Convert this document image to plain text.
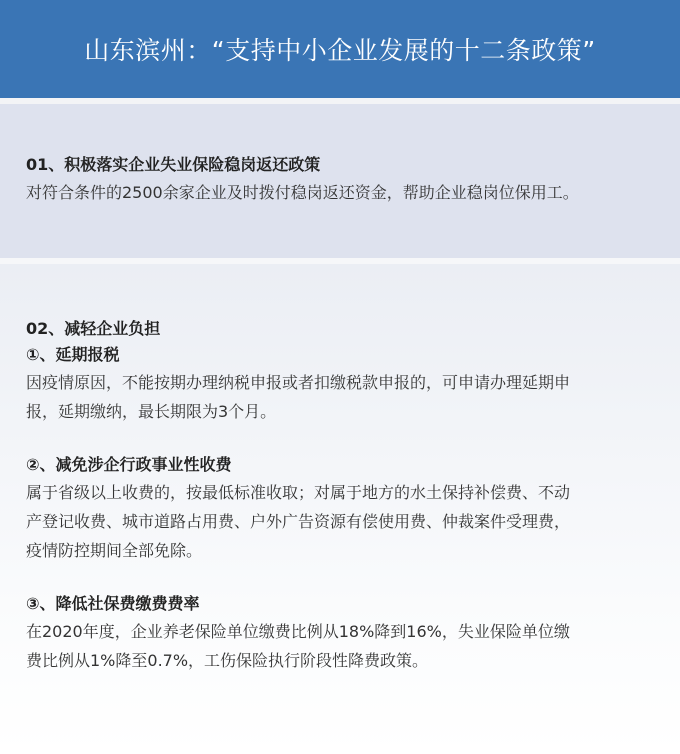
山东滨州：“支持中小企业发展的十二条政策”

01、积极落实企业失业保险稳岗返还政策

对符合条件的2500余家企业及时拨付稳岗返还资金，帮助企业稳岗位保用工。

02、减轻企业负担

①、延期报税

因疫情原因，不能按期办理纳税申报或者扣缴税款申报的，可申请办理延期申

报，延期缴纳，最长期限为3个月。

②、减免涉企行政事业性收费

属于省级以上收费的，按最低标准收取；对属于地方的水土保持补偿费、不动

产登记收费、城市道路占用费、户外广告资源有偿使用费、仲裁案件受理费，

疫情防控期间全部免除。

③、降低社保费缴费费率

在2020年度，企业养老保险单位缴费比例从18%降到16%，失业保险单位缴

费比例从1%降至0.7%，工伤保险执行阶段性降费政策。
